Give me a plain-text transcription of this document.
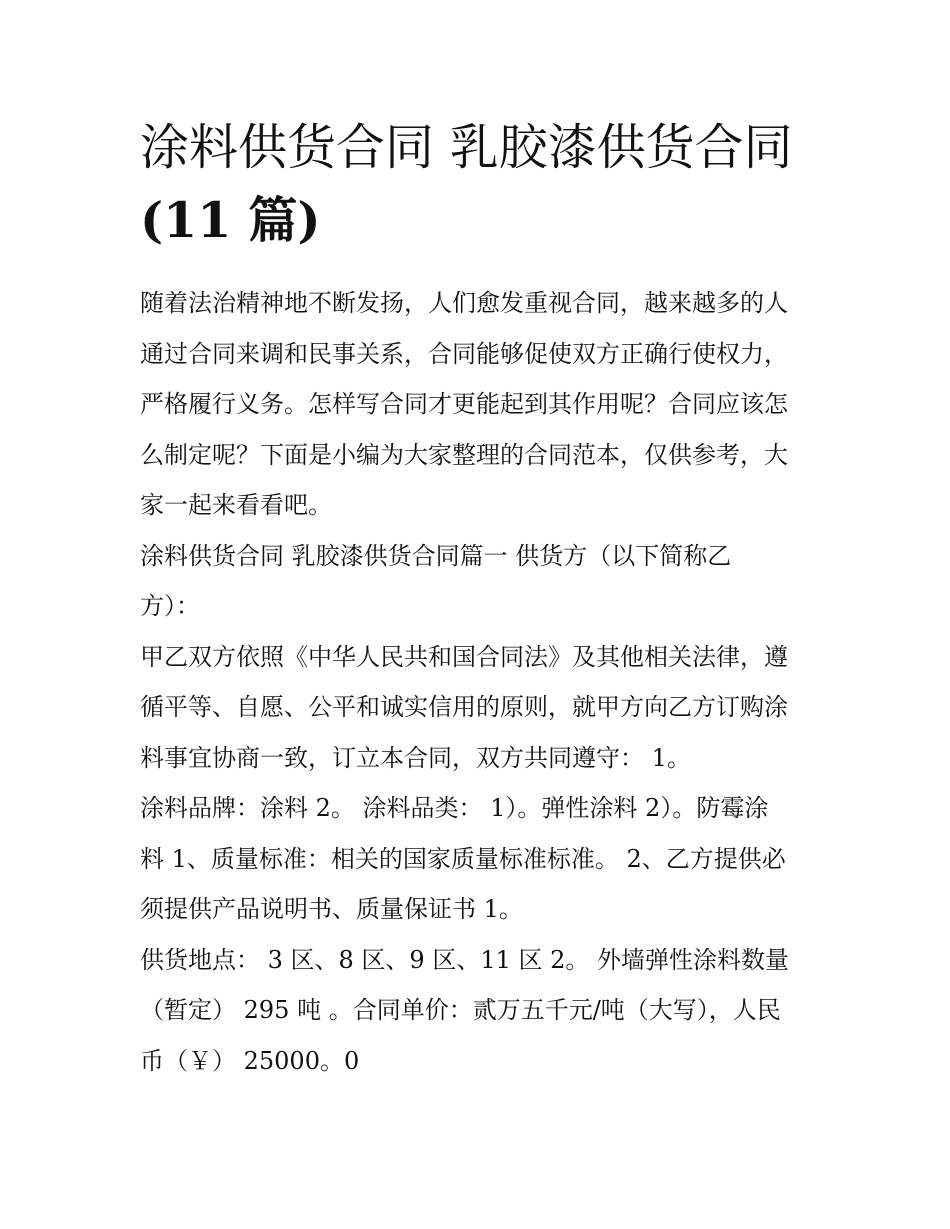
涂料供货合同 乳胶漆供货合同
(11 篇)

随着法治精神地不断发扬，人们愈发重视合同，越来越多的人
通过合同来调和民事关系，合同能够促使双方正确行使权力，
严格履行义务。怎样写合同才更能起到其作用呢？合同应该怎
么制定呢？下面是小编为大家整理的合同范本，仅供参考，大
家一起来看看吧。

涂料供货合同 乳胶漆供货合同篇一 供货方（以下简称乙
方）：

甲乙双方依照《中华人民共和国合同法》及其他相关法律，遵
循平等、自愿、公平和诚实信用的原则，就甲方向乙方订购涂
料事宜协商一致，订立本合同，双方共同遵守： 1。

涂料品牌：涂料 2。 涂料品类： 1）。弹性涂料 2）。防霉涂
料 1、质量标准：相关的国家质量标准标准。 2、乙方提供必
须提供产品说明书、质量保证书 1。

供货地点： 3 区、8 区、9 区、11 区 2。 外墙弹性涂料数量
（暂定） 295 吨 。合同单价：贰万五千元/吨（大写），人民
币（￥） 25000。0
